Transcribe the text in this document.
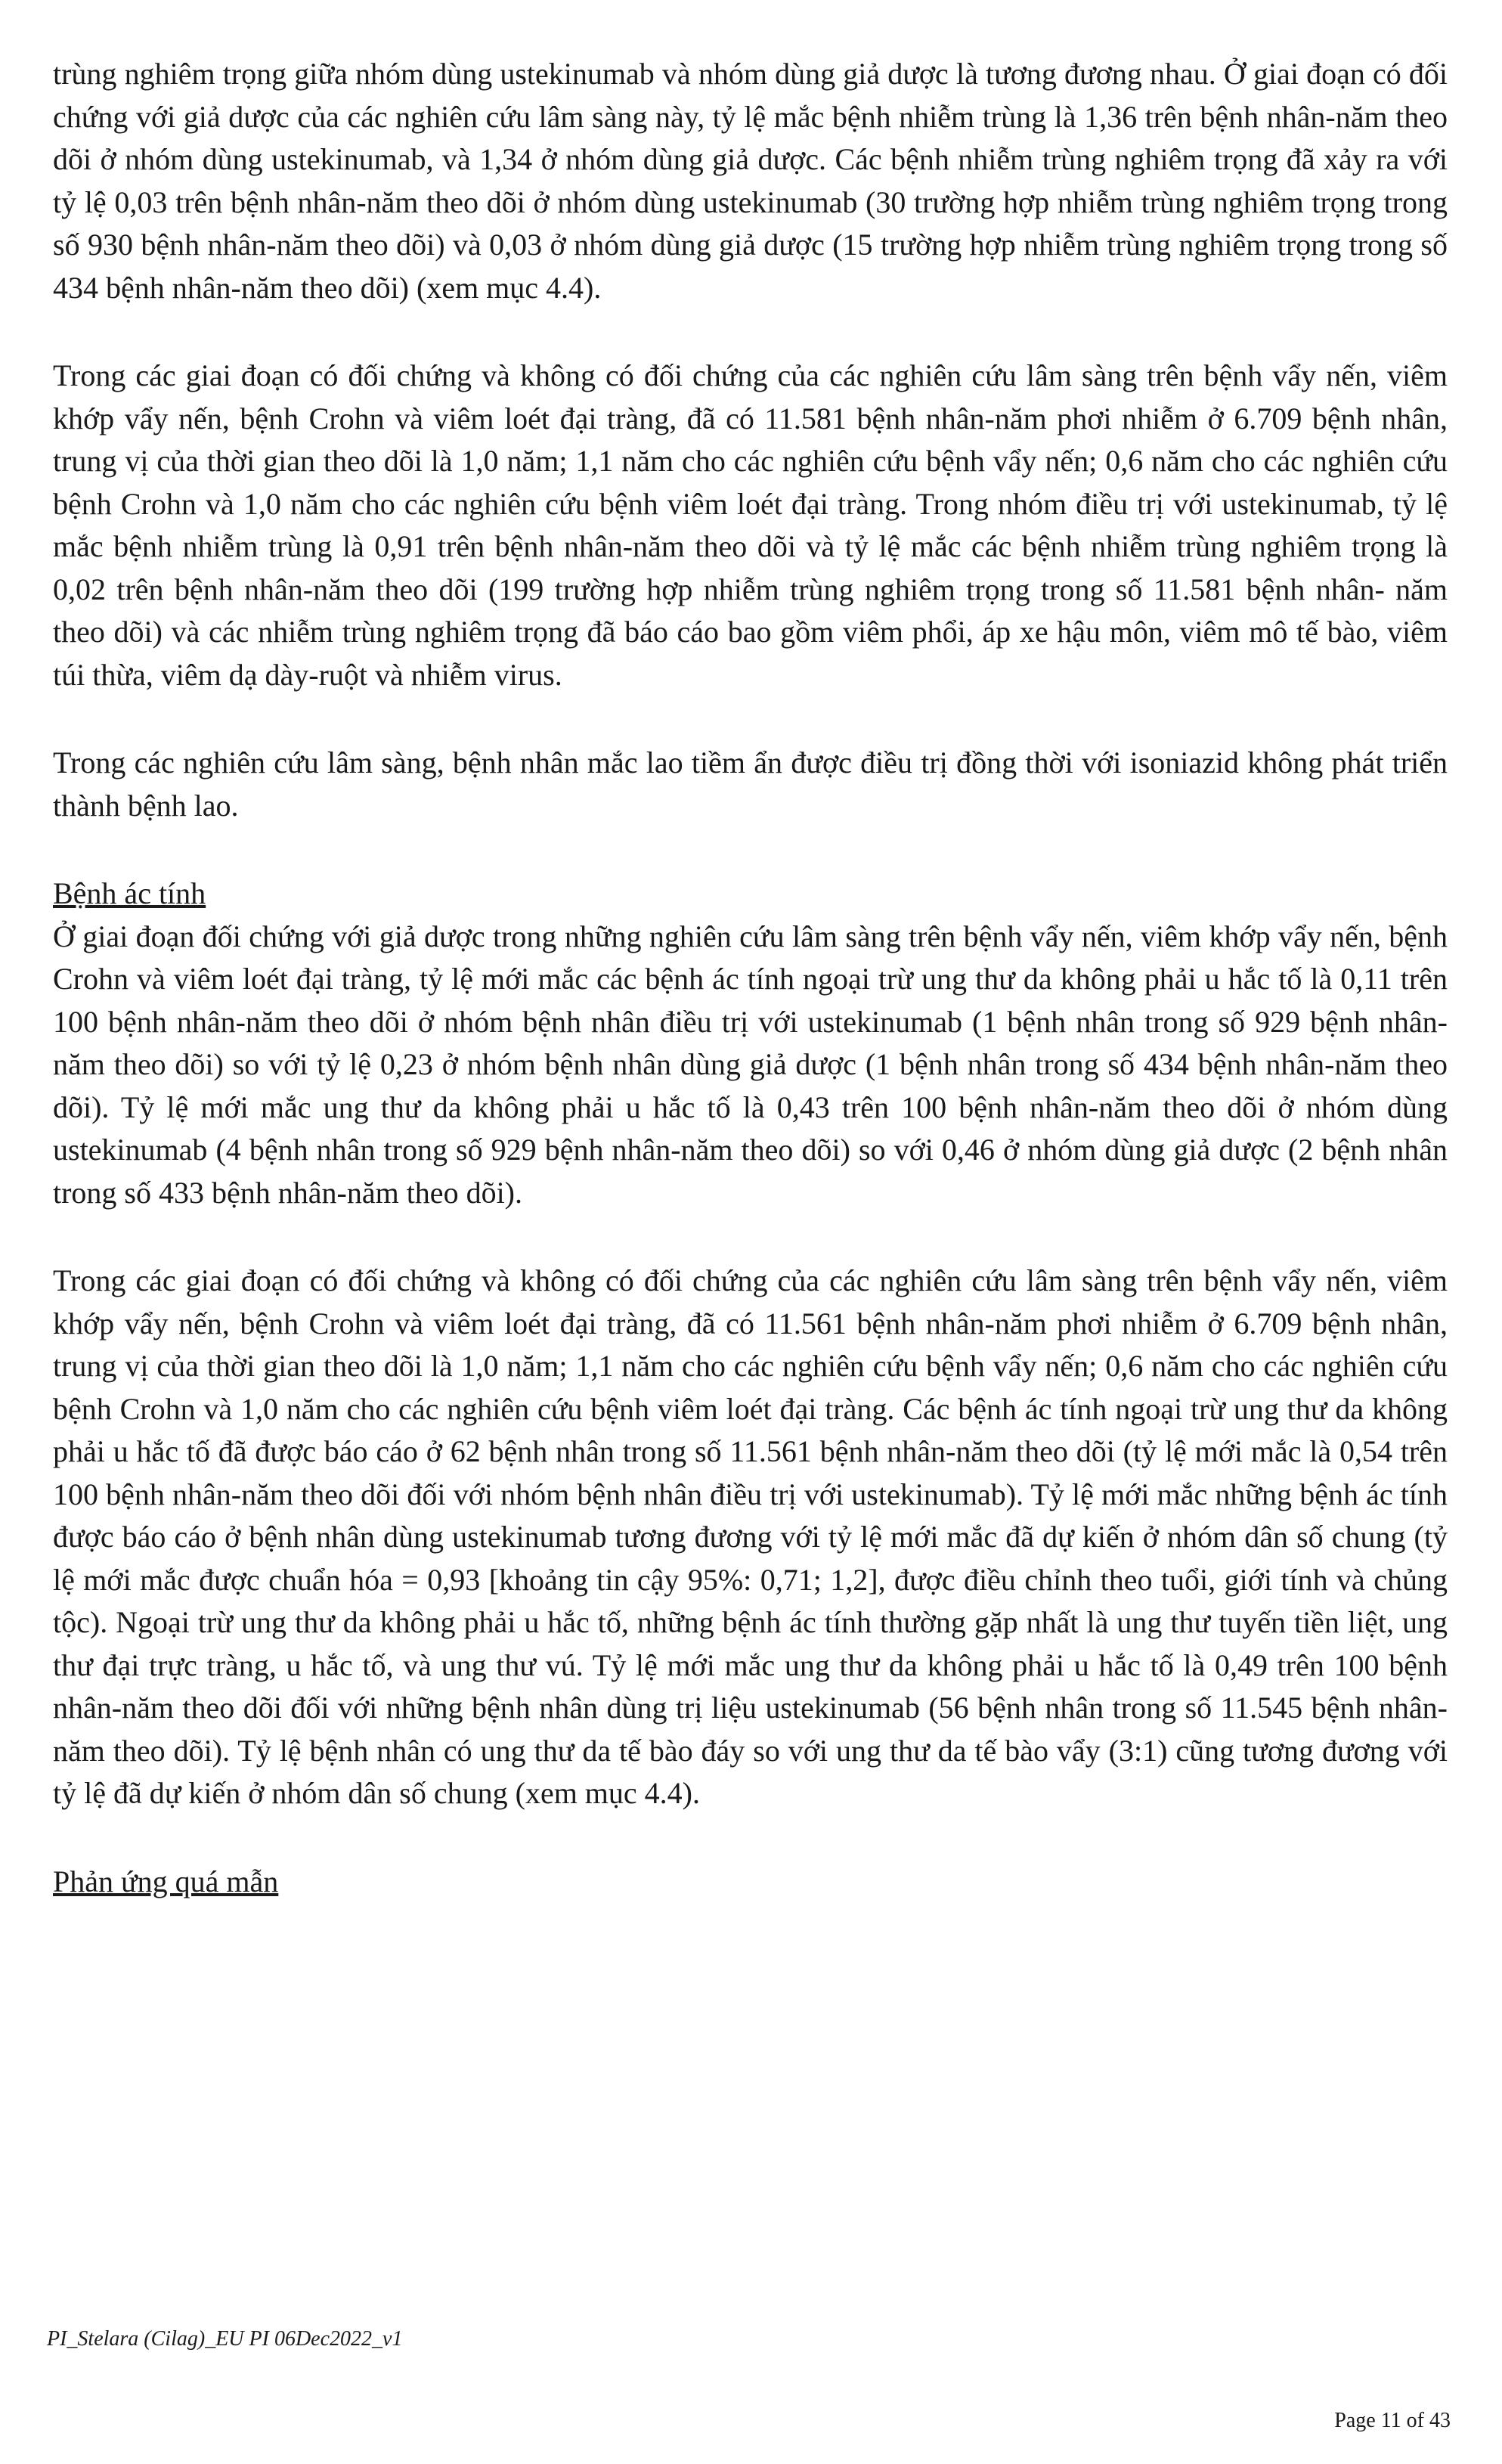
trùng nghiêm trọng giữa nhóm dùng ustekinumab và nhóm dùng giả dược là tương đương nhau. Ở giai đoạn có đối chứng với giả dược của các nghiên cứu lâm sàng này, tỷ lệ mắc bệnh nhiễm trùng là 1,36 trên bệnh nhân-năm theo dõi ở nhóm dùng ustekinumab, và 1,34 ở nhóm dùng giả dược. Các bệnh nhiễm trùng nghiêm trọng đã xảy ra với tỷ lệ 0,03 trên bệnh nhân-năm theo dõi ở nhóm dùng ustekinumab (30 trường hợp nhiễm trùng nghiêm trọng trong số 930 bệnh nhân-năm theo dõi) và 0,03 ở nhóm dùng giả dược (15 trường hợp nhiễm trùng nghiêm trọng trong số 434 bệnh nhân-năm theo dõi) (xem mục 4.4).

Trong các giai đoạn có đối chứng và không có đối chứng của các nghiên cứu lâm sàng trên bệnh vẩy nến, viêm khớp vẩy nến, bệnh Crohn và viêm loét đại tràng, đã có 11.581 bệnh nhân-năm phơi nhiễm ở 6.709 bệnh nhân, trung vị của thời gian theo dõi là 1,0 năm; 1,1 năm cho các nghiên cứu bệnh vẩy nến; 0,6 năm cho các nghiên cứu bệnh Crohn và 1,0 năm cho các nghiên cứu bệnh viêm loét đại tràng. Trong nhóm điều trị với ustekinumab, tỷ lệ mắc bệnh nhiễm trùng là 0,91 trên bệnh nhân-năm theo dõi và tỷ lệ mắc các bệnh nhiễm trùng nghiêm trọng là 0,02 trên bệnh nhân-năm theo dõi (199 trường hợp nhiễm trùng nghiêm trọng trong số 11.581 bệnh nhân- năm theo dõi) và các nhiễm trùng nghiêm trọng đã báo cáo bao gồm viêm phổi, áp xe hậu môn, viêm mô tế bào, viêm túi thừa, viêm dạ dày-ruột và nhiễm virus.

Trong các nghiên cứu lâm sàng, bệnh nhân mắc lao tiềm ẩn được điều trị đồng thời với isoniazid không phát triển thành bệnh lao.

Bệnh ác tính

Ở giai đoạn đối chứng với giả dược trong những nghiên cứu lâm sàng trên bệnh vẩy nến, viêm khớp vẩy nến, bệnh Crohn và viêm loét đại tràng, tỷ lệ mới mắc các bệnh ác tính ngoại trừ ung thư da không phải u hắc tố là 0,11 trên 100 bệnh nhân-năm theo dõi ở nhóm bệnh nhân điều trị với ustekinumab (1 bệnh nhân trong số 929 bệnh nhân-năm theo dõi) so với tỷ lệ 0,23 ở nhóm bệnh nhân dùng giả dược (1 bệnh nhân trong số 434 bệnh nhân-năm theo dõi). Tỷ lệ mới mắc ung thư da không phải u hắc tố là 0,43 trên 100 bệnh nhân-năm theo dõi ở nhóm dùng ustekinumab (4 bệnh nhân trong số 929 bệnh nhân-năm theo dõi) so với 0,46 ở nhóm dùng giả dược (2 bệnh nhân trong số 433 bệnh nhân-năm theo dõi).

Trong các giai đoạn có đối chứng và không có đối chứng của các nghiên cứu lâm sàng trên bệnh vẩy nến, viêm khớp vẩy nến, bệnh Crohn và viêm loét đại tràng, đã có 11.561 bệnh nhân-năm phơi nhiễm ở 6.709 bệnh nhân, trung vị của thời gian theo dõi là 1,0 năm; 1,1 năm cho các nghiên cứu bệnh vẩy nến; 0,6 năm cho các nghiên cứu bệnh Crohn và 1,0 năm cho các nghiên cứu bệnh viêm loét đại tràng. Các bệnh ác tính ngoại trừ ung thư da không phải u hắc tố đã được báo cáo ở 62 bệnh nhân trong số 11.561 bệnh nhân-năm theo dõi (tỷ lệ mới mắc là 0,54 trên 100 bệnh nhân-năm theo dõi đối với nhóm bệnh nhân điều trị với ustekinumab). Tỷ lệ mới mắc những bệnh ác tính được báo cáo ở bệnh nhân dùng ustekinumab tương đương với tỷ lệ mới mắc đã dự kiến ở nhóm dân số chung (tỷ lệ mới mắc được chuẩn hóa = 0,93 [khoảng tin cậy 95%: 0,71; 1,2], được điều chỉnh theo tuổi, giới tính và chủng tộc). Ngoại trừ ung thư da không phải u hắc tố, những bệnh ác tính thường gặp nhất là ung thư tuyến tiền liệt, ung thư đại trực tràng, u hắc tố, và ung thư vú. Tỷ lệ mới mắc ung thư da không phải u hắc tố là 0,49 trên 100 bệnh nhân-năm theo dõi đối với những bệnh nhân dùng trị liệu ustekinumab (56 bệnh nhân trong số 11.545 bệnh nhân-năm theo dõi). Tỷ lệ bệnh nhân có ung thư da tế bào đáy so với ung thư da tế bào vẩy (3:1) cũng tương đương với tỷ lệ đã dự kiến ở nhóm dân số chung (xem mục 4.4).

Phản ứng quá mẫn

PI_Stelara (Cilag)_EU PI 06Dec2022_v1
Page 11 of 43
